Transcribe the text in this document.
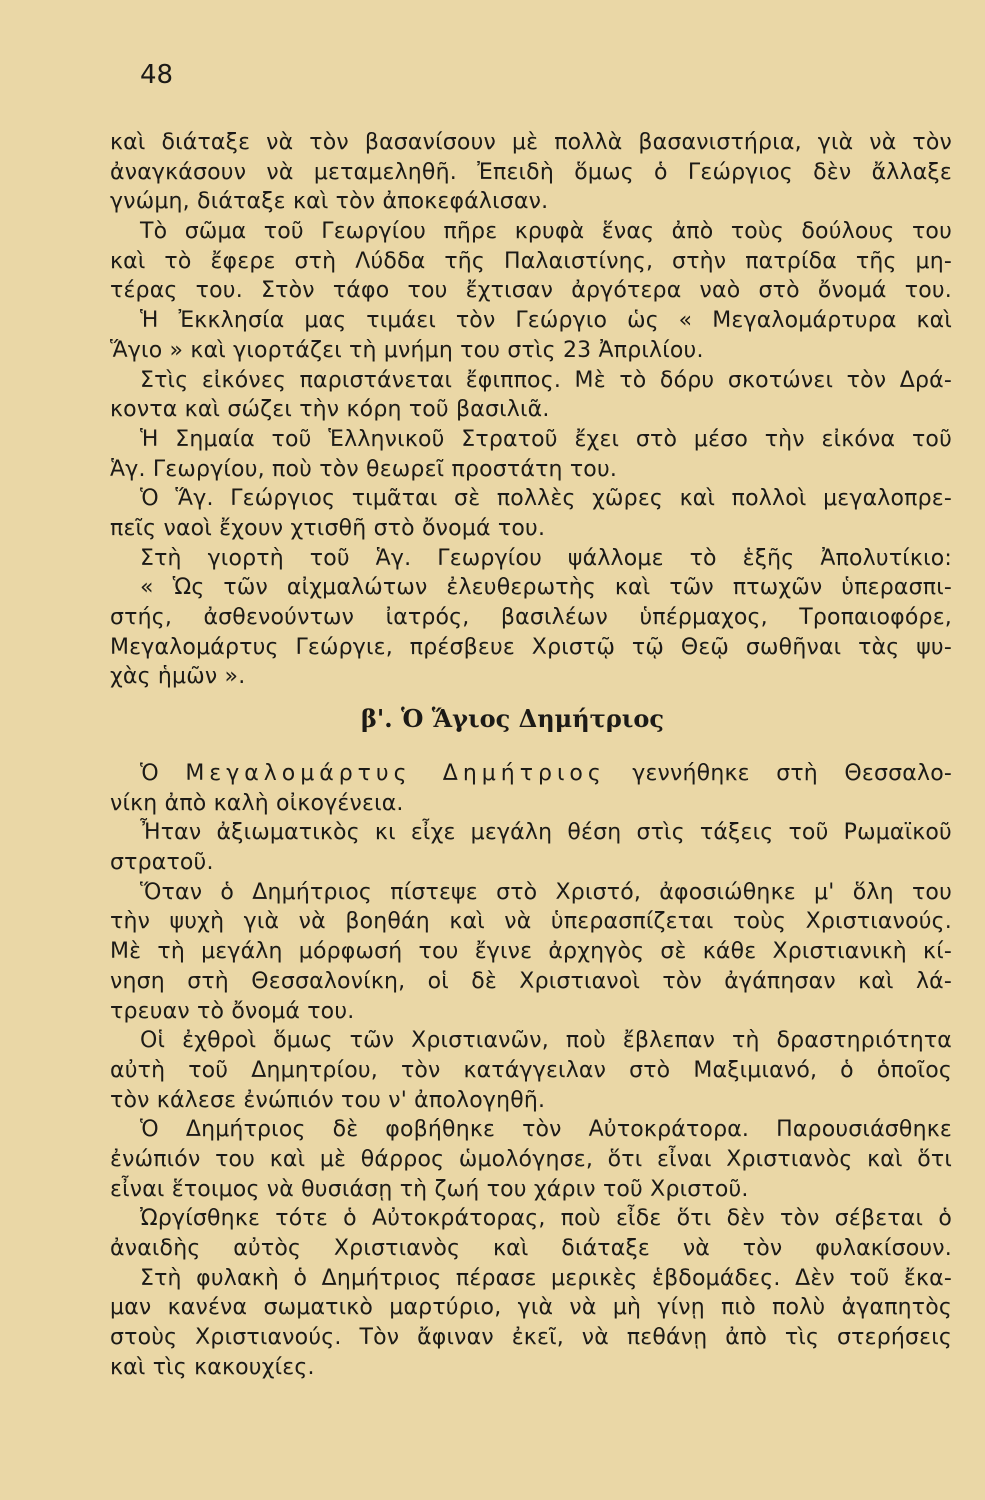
48
καὶ διάταξε νὰ τὸν βασανίσουν μὲ πολλὰ βασανιστήρια, γιὰ νὰ τὸν
ἀναγκάσουν νὰ μεταμεληθῆ. Ἐπειδὴ ὅμως ὁ Γεώργιος δὲν ἄλλαξε
γνώμη, διάταξε καὶ τὸν ἀποκεφάλισαν.
Τὸ σῶμα τοῦ Γεωργίου πῆρε κρυφὰ ἕνας ἀπὸ τοὺς δούλους του
καὶ τὸ ἔφερε στὴ Λύδδα τῆς Παλαιστίνης, στὴν πατρίδα τῆς μη-
τέρας του. Στὸν τάφο του ἔχτισαν ἀργότερα ναὸ στὸ ὄνομά του.
Ἡ Ἐκκλησία μας τιμάει τὸν Γεώργιο ὡς « Μεγαλομάρτυρα καὶ
Ἅγιο » καὶ γιορτάζει τὴ μνήμη του στὶς 23 Ἀπριλίου.
Στὶς εἰκόνες παριστάνεται ἔφιππος. Μὲ τὸ δόρυ σκοτώνει τὸν Δρά-
κοντα καὶ σώζει τὴν κόρη τοῦ βασιλιᾶ.
Ἡ Σημαία τοῦ Ἑλληνικοῦ Στρατοῦ ἔχει στὸ μέσο τὴν εἰκόνα τοῦ
Ἁγ. Γεωργίου, ποὺ τὸν θεωρεῖ προστάτη του.
Ὁ Ἅγ. Γεώργιος τιμᾶται σὲ πολλὲς χῶρες καὶ πολλοὶ μεγαλοπρε-
πεῖς ναοὶ ἔχουν χτισθῆ στὸ ὄνομά του.
Στὴ γιορτὴ τοῦ Ἁγ. Γεωργίου ψάλλομε τὸ ἑξῆς Ἀπολυτίκιο:
« Ὡς τῶν αἰχμαλώτων ἐλευθερωτὴς καὶ τῶν πτωχῶν ὑπερασπι-
στής, ἀσθενούντων ἰατρός, βασιλέων ὑπέρμαχος, Τροπαιοφόρε,
Μεγαλομάρτυς Γεώργιε, πρέσβευε Χριστῷ τῷ Θεῷ σωθῆναι τὰς ψυ-
χὰς ἡμῶν ».
β'. Ὁ Ἅγιος Δημήτριος
Ὁ Μεγαλομάρτυς Δημήτριος γεννήθηκε στὴ Θεσσαλο-
νίκη ἀπὸ καλὴ οἰκογένεια.
Ἦταν ἀξιωματικὸς κι εἶχε μεγάλη θέση στὶς τάξεις τοῦ Ρωμαϊκοῦ
στρατοῦ.
Ὅταν ὁ Δημήτριος πίστεψε στὸ Χριστό, ἀφοσιώθηκε μ' ὅλη του
τὴν ψυχὴ γιὰ νὰ βοηθάη καὶ νὰ ὑπερασπίζεται τοὺς Χριστιανούς.
Μὲ τὴ μεγάλη μόρφωσή του ἔγινε ἀρχηγὸς σὲ κάθε Χριστιανικὴ κί-
νηση στὴ Θεσσαλονίκη, οἱ δὲ Χριστιανοὶ τὸν ἀγάπησαν καὶ λά-
τρευαν τὸ ὄνομά του.
Οἱ ἐχθροὶ ὅμως τῶν Χριστιανῶν, ποὺ ἔβλεπαν τὴ δραστηριότητα
αὐτὴ τοῦ Δημητρίου, τὸν κατάγγειλαν στὸ Μαξιμιανό, ὁ ὁποῖος
τὸν κάλεσε ἐνώπιόν του ν' ἀπολογηθῆ.
Ὁ Δημήτριος δὲ φοβήθηκε τὸν Αὐτοκράτορα. Παρουσιάσθηκε
ἐνώπιόν του καὶ μὲ θάρρος ὡμολόγησε, ὅτι εἶναι Χριστιανὸς καὶ ὅτι
εἶναι ἕτοιμος νὰ θυσιάσῃ τὴ ζωή του χάριν τοῦ Χριστοῦ.
Ὠργίσθηκε τότε ὁ Αὐτοκράτορας, ποὺ εἶδε ὅτι δὲν τὸν σέβεται ὁ
ἀναιδὴς αὐτὸς Χριστιανὸς καὶ διάταξε νὰ τὸν φυλακίσουν.
Στὴ φυλακὴ ὁ Δημήτριος πέρασε μερικὲς ἑβδομάδες. Δὲν τοῦ ἔκα-
μαν κανένα σωματικὸ μαρτύριο, γιὰ νὰ μὴ γίνῃ πιὸ πολὺ ἀγαπητὸς
στοὺς Χριστιανούς. Τὸν ἄφιναν ἐκεῖ, νὰ πεθάνῃ ἀπὸ τὶς στερήσεις
καὶ τὶς κακουχίες.
